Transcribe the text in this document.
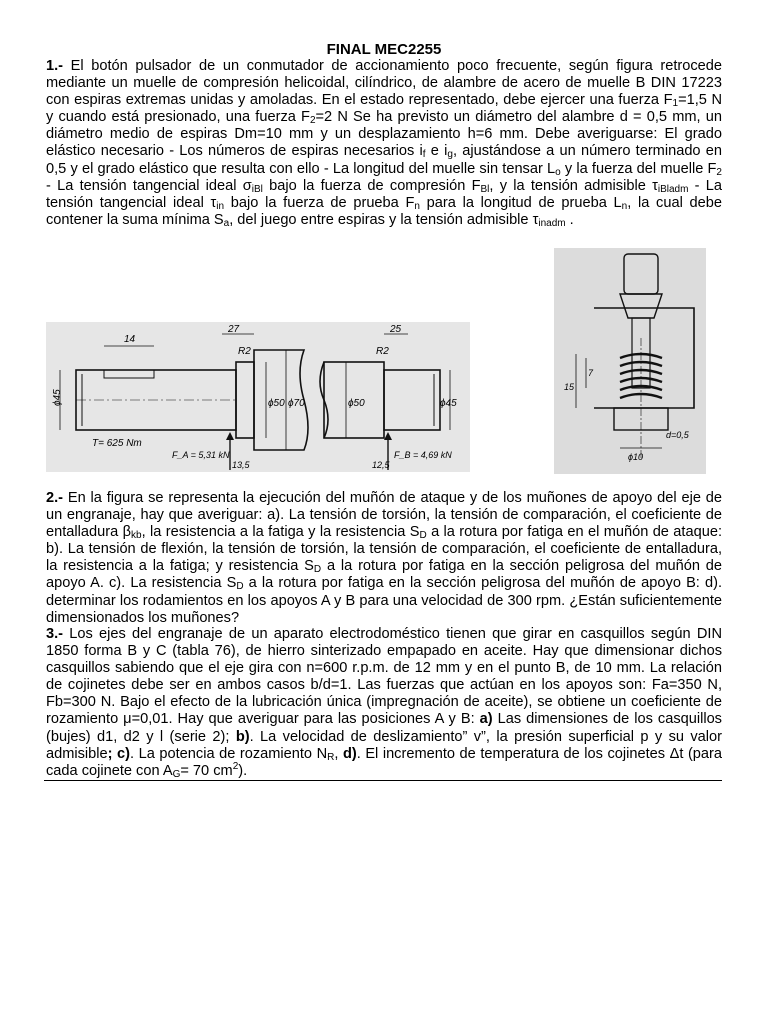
FINAL MEC2255
1.- El botón pulsador de un conmutador de accionamiento poco frecuente, según figura retrocede mediante un muelle de compresión helicoidal, cilíndrico, de alambre de acero de muelle B DIN 17223 con espiras extremas unidas y amoladas. En el estado representado, debe ejercer una fuerza $F_1=1,5$ N y cuando está presionado, una fuerza $F_2=2$ N Se ha previsto un diámetro del alambre d = 0,5 mm, un diámetro medio de espiras Dm=10 mm y un desplazamiento h=6 mm. Debe averiguarse: El grado elástico necesario - Los números de espiras necesarios $i_f$ e $i_g$, ajustándose a un número terminado en 0,5 y el grado elástico que resulta con ello - La longitud del muelle sin tensar $L_o$ y la fuerza del muelle $F_2$ - La tensión tangencial ideal $\sigma_{iBl}$ bajo la fuerza de compresión $F_{Bl}$, y la tensión admisible $\tau_{iBladm}$ - La tensión tangencial ideal $\tau_{in}$ bajo la fuerza de prueba $F_n$ para la longitud de prueba $L_n$, la cual debe contener la suma mínima $S_a$, del juego entre espiras y la tensión admisible $\tau_{inadm}$ .
ϕ45	ϕ50 ϕ70	ϕ50	ϕ45
14
27	25
R2	R2
T= 625 Nm
F_A = 5,31 kN	F_B = 4,69 kN
13,5	12,5
15
7
d=0,5
ϕ10
2.- En la figura se representa la ejecución del muñón de ataque y de los muñones de apoyo del eje de un engranaje, hay que averiguar: a). La tensión de torsión, la tensión de comparación, el coeficiente de entalladura $\beta_{kb}$, la resistencia a la fatiga y la resistencia $S_D$ a la rotura por fatiga en el muñón de ataque: b). La tensión de flexión, la tensión de torsión, la tensión de comparación, el coeficiente de entalladura, la resistencia a la fatiga; y resistencia $S_D$ a la rotura por fatiga en la sección peligrosa del muñón de apoyo A. c). La resistencia $S_D$ a la rotura por fatiga en la sección peligrosa del muñón de apoyo B: d). determinar los rodamientos en los apoyos A y B para una velocidad de 300 rpm. ¿Están suficientemente dimensionados los muñones?
3.- Los ejes del engranaje de un aparato electrodoméstico tienen que girar en casquillos según DIN 1850 forma B y C (tabla 76), de hierro sinterizado empapado en aceite. Hay que dimensionar dichos casquillos sabiendo que el eje gira con n=600 r.p.m. de 12 mm y en el punto B, de 10 mm. La relación de cojinetes debe ser en ambos casos b/d=1. Las fuerzas que actúan en los apoyos son: Fa=350 N, Fb=300 N. Bajo el efecto de la lubricación única (impregnación de aceite), se obtiene un coeficiente de rozamiento μ=0,01. Hay que averiguar para las posiciones A y B: a) Las dimensiones de los casquillos (bujes) d1, d2 y l (serie 2); b). La velocidad de deslizamiento” v”, la presión superficial p y su valor admisible; c). La potencia de rozamiento $N_R$, d). El incremento de temperatura de los cojinetes Δt (para cada cojinete con $A_G= 70$ $cm^2$).
